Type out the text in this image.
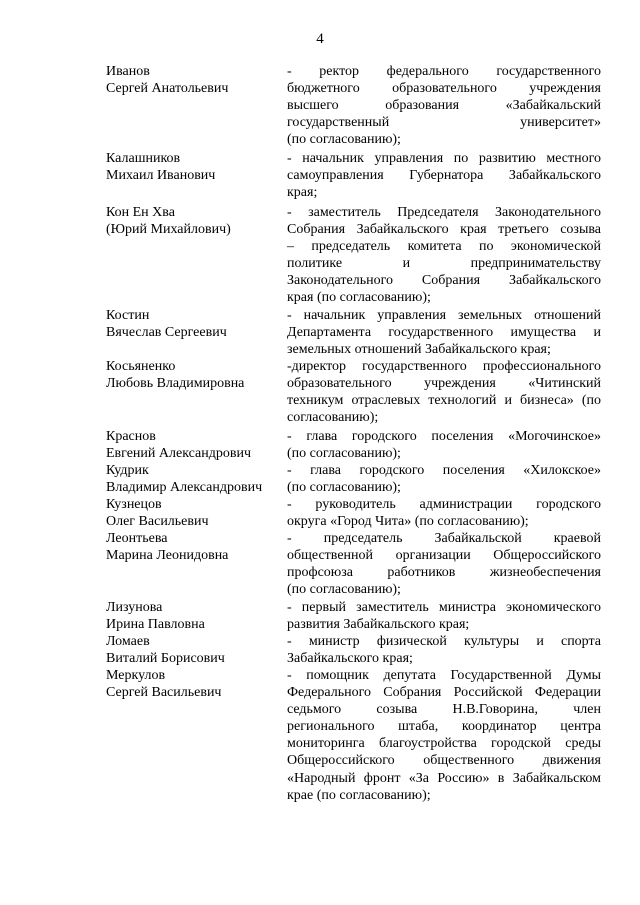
4
Иванов
Сергей Анатольевич
- ректор федерального государственного
бюджетного образовательного учреждения
высшего образования «Забайкальский
государственный университет»
(по согласованию);
Калашников
Михаил Иванович
- начальник управления по развитию местного
самоуправления Губернатора Забайкальского
края;
Кон Ен Хва
(Юрий Михайлович)
- заместитель Председателя Законодательного
Собрания Забайкальского края третьего созыва
– председатель комитета по экономической
политике и предпринимательству
Законодательного Собрания Забайкальского
края (по согласованию);
Костин
Вячеслав Сергеевич
- начальник управления земельных отношений
Департамента государственного имущества и
земельных отношений Забайкальского края;
Косьяненко
Любовь Владимировна
-директор государственного профессионального
образовательного учреждения «Читинский
техникум отраслевых технологий и бизнеса» (по
согласованию);
Краснов
Евгений Александрович
- глава городского поселения «Могочинское»
(по согласованию);
Кудрик
Владимир Александрович
- глава городского поселения «Хилокское»
(по согласованию);
Кузнецов
Олег Васильевич
- руководитель администрации городского
округа «Город Чита» (по согласованию);
Леонтьева
Марина Леонидовна
- председатель Забайкальской краевой
общественной организации Общероссийского
профсоюза работников жизнеобеспечения
(по согласованию);
Лизунова
Ирина Павловна
- первый заместитель министра экономического
развития Забайкальского края;
Ломаев
Виталий Борисович
- министр физической культуры и спорта
Забайкальского края;
Меркулов
Сергей Васильевич
- помощник депутата Государственной Думы
Федерального Собрания Российской Федерации
седьмого созыва Н.В.Говорина, член
регионального штаба, координатор центра
мониторинга благоустройства городской среды
Общероссийского общественного движения
«Народный фронт «За Россию» в Забайкальском
крае (по согласованию);
